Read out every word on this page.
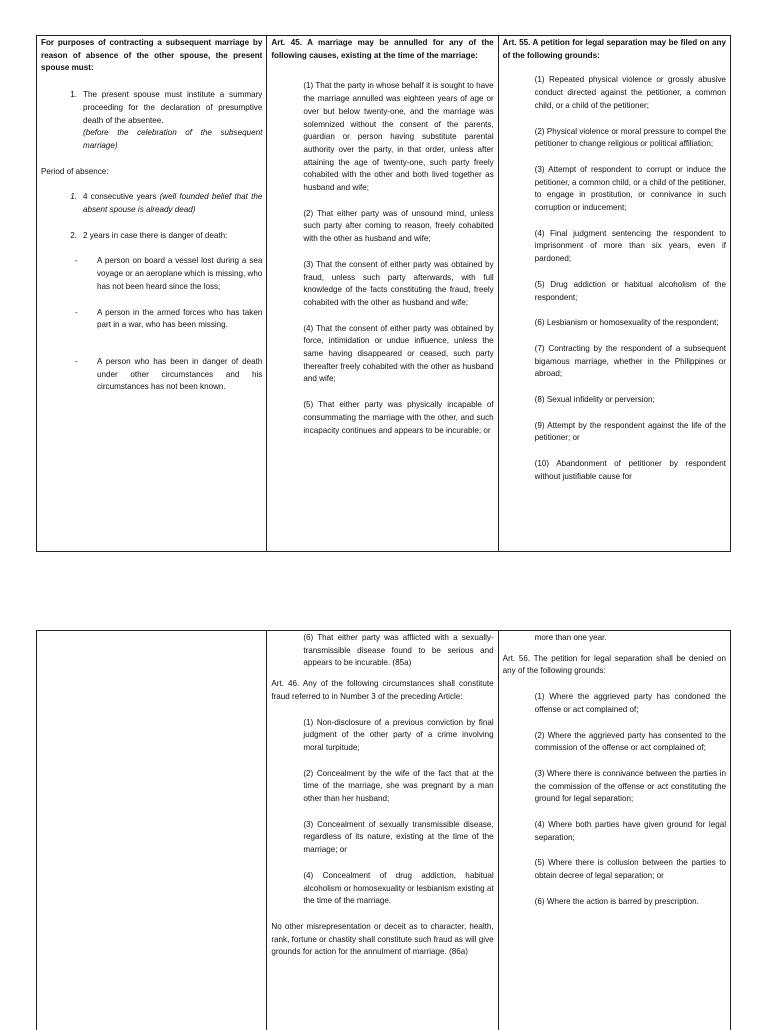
For purposes of contracting a subsequent marriage by reason of absence of the other spouse, the present spouse must:
1. The present spouse must institute a summary proceeding for the declaration of presumptive death of the absentee.
(before the celebration of the subsequent marriage)

Period of absence:

1. 4 consecutive years (well founded belief that the absent spouse is already dead)
2. 2 years in case there is danger of death:
-	A person on board a vessel lost during a sea voyage or an aeroplane which is missing, who has not been heard since the loss;
-	A person in the armed forces who has taken part in a war, who has been missing.
-	A person who has been in danger of death under other circumstances and his circumstances has not been known.
Art. 45. A marriage may be annulled for any of the following causes, existing at the time of the marriage:

(1) That the party in whose behalf it is sought to have the marriage annulled was eighteen years of age or over but below twenty-one, and the marriage was solemnized without the consent of the parents, guardian or person having substitute parental authority over the party, in that order, unless after attaining the age of twenty-one, such party freely cohabited with the other and both lived together as husband and wife;

(2) That either party was of unsound mind, unless such party after coming to reason, freely cohabited with the other as husband and wife;

(3) That the consent of either party was obtained by fraud, unless such party afterwards, with full knowledge of the facts constituting the fraud, freely cohabited with the other as husband and wife;

(4) That the consent of either party was obtained by force, intimidation or undue influence, unless the same having disappeared or ceased, such party thereafter freely cohabited with the other as husband and wife;

(5) That either party was physically incapable of consummating the marriage with the other, and such incapacity continues and appears to be incurable; or

Art. 55. A petition for legal separation may be filed on any of the following grounds:

(1) Repeated physical violence or grossly abusive conduct directed against the petitioner, a common child, or a child of the petitioner;

(2) Physical violence or moral pressure to compel the petitioner to change religious or political affiliation;

(3) Attempt of respondent to corrupt or induce the petitioner, a common child, or a child of the petitioner, to engage in prostitution, or connivance in such corruption or inducement;

(4) Final judgment sentencing the respondent to imprisonment of more than six years, even if pardoned;

(5) Drug addiction or habitual alcoholism of the respondent;

(6) Lesbianism or homosexuality of the respondent;

(7) Contracting by the respondent of a subsequent bigamous marriage, whether in the Philippines or abroad;

(8) Sexual infidelity or perversion;

(9) Attempt by the respondent against the life of the petitioner; or

(10) Abandonment of petitioner by respondent without justifiable cause for

(6) That either party was afflicted with a sexually-transmissible disease found to be serious and appears to be incurable. (85a)

Art. 46. Any of the following circumstances shall constitute fraud referred to in Number 3 of the preceding Article:

(1) Non-disclosure of a previous conviction by final judgment of the other party of a crime involving moral turpitude;

(2) Concealment by the wife of the fact that at the time of the marriage, she was pregnant by a man other than her husband;

(3) Concealment of sexually transmissible disease, regardless of its nature, existing at the time of the marriage; or

(4) Concealment of drug addiction, habitual alcoholism or homosexuality or lesbianism existing at the time of the marriage.

No other misrepresentation or deceit as to character, health, rank, fortune or chastity shall constitute such fraud as will give grounds for action for the annulment of marriage. (86a)

more than one year.

Art. 56. The petition for legal separation shall be denied on any of the following grounds:

(1) Where the aggrieved party has condoned the offense or act complained of;

(2) Where the aggrieved party has consented to the commission of the offense or act complained of;

(3) Where there is connivance between the parties in the commission of the offense or act constituting the ground for legal separation;

(4) Where both parties have given ground for legal separation;

(5) Where there is collusion between the parties to obtain decree of legal separation; or

(6) Where the action is barred by prescription.
